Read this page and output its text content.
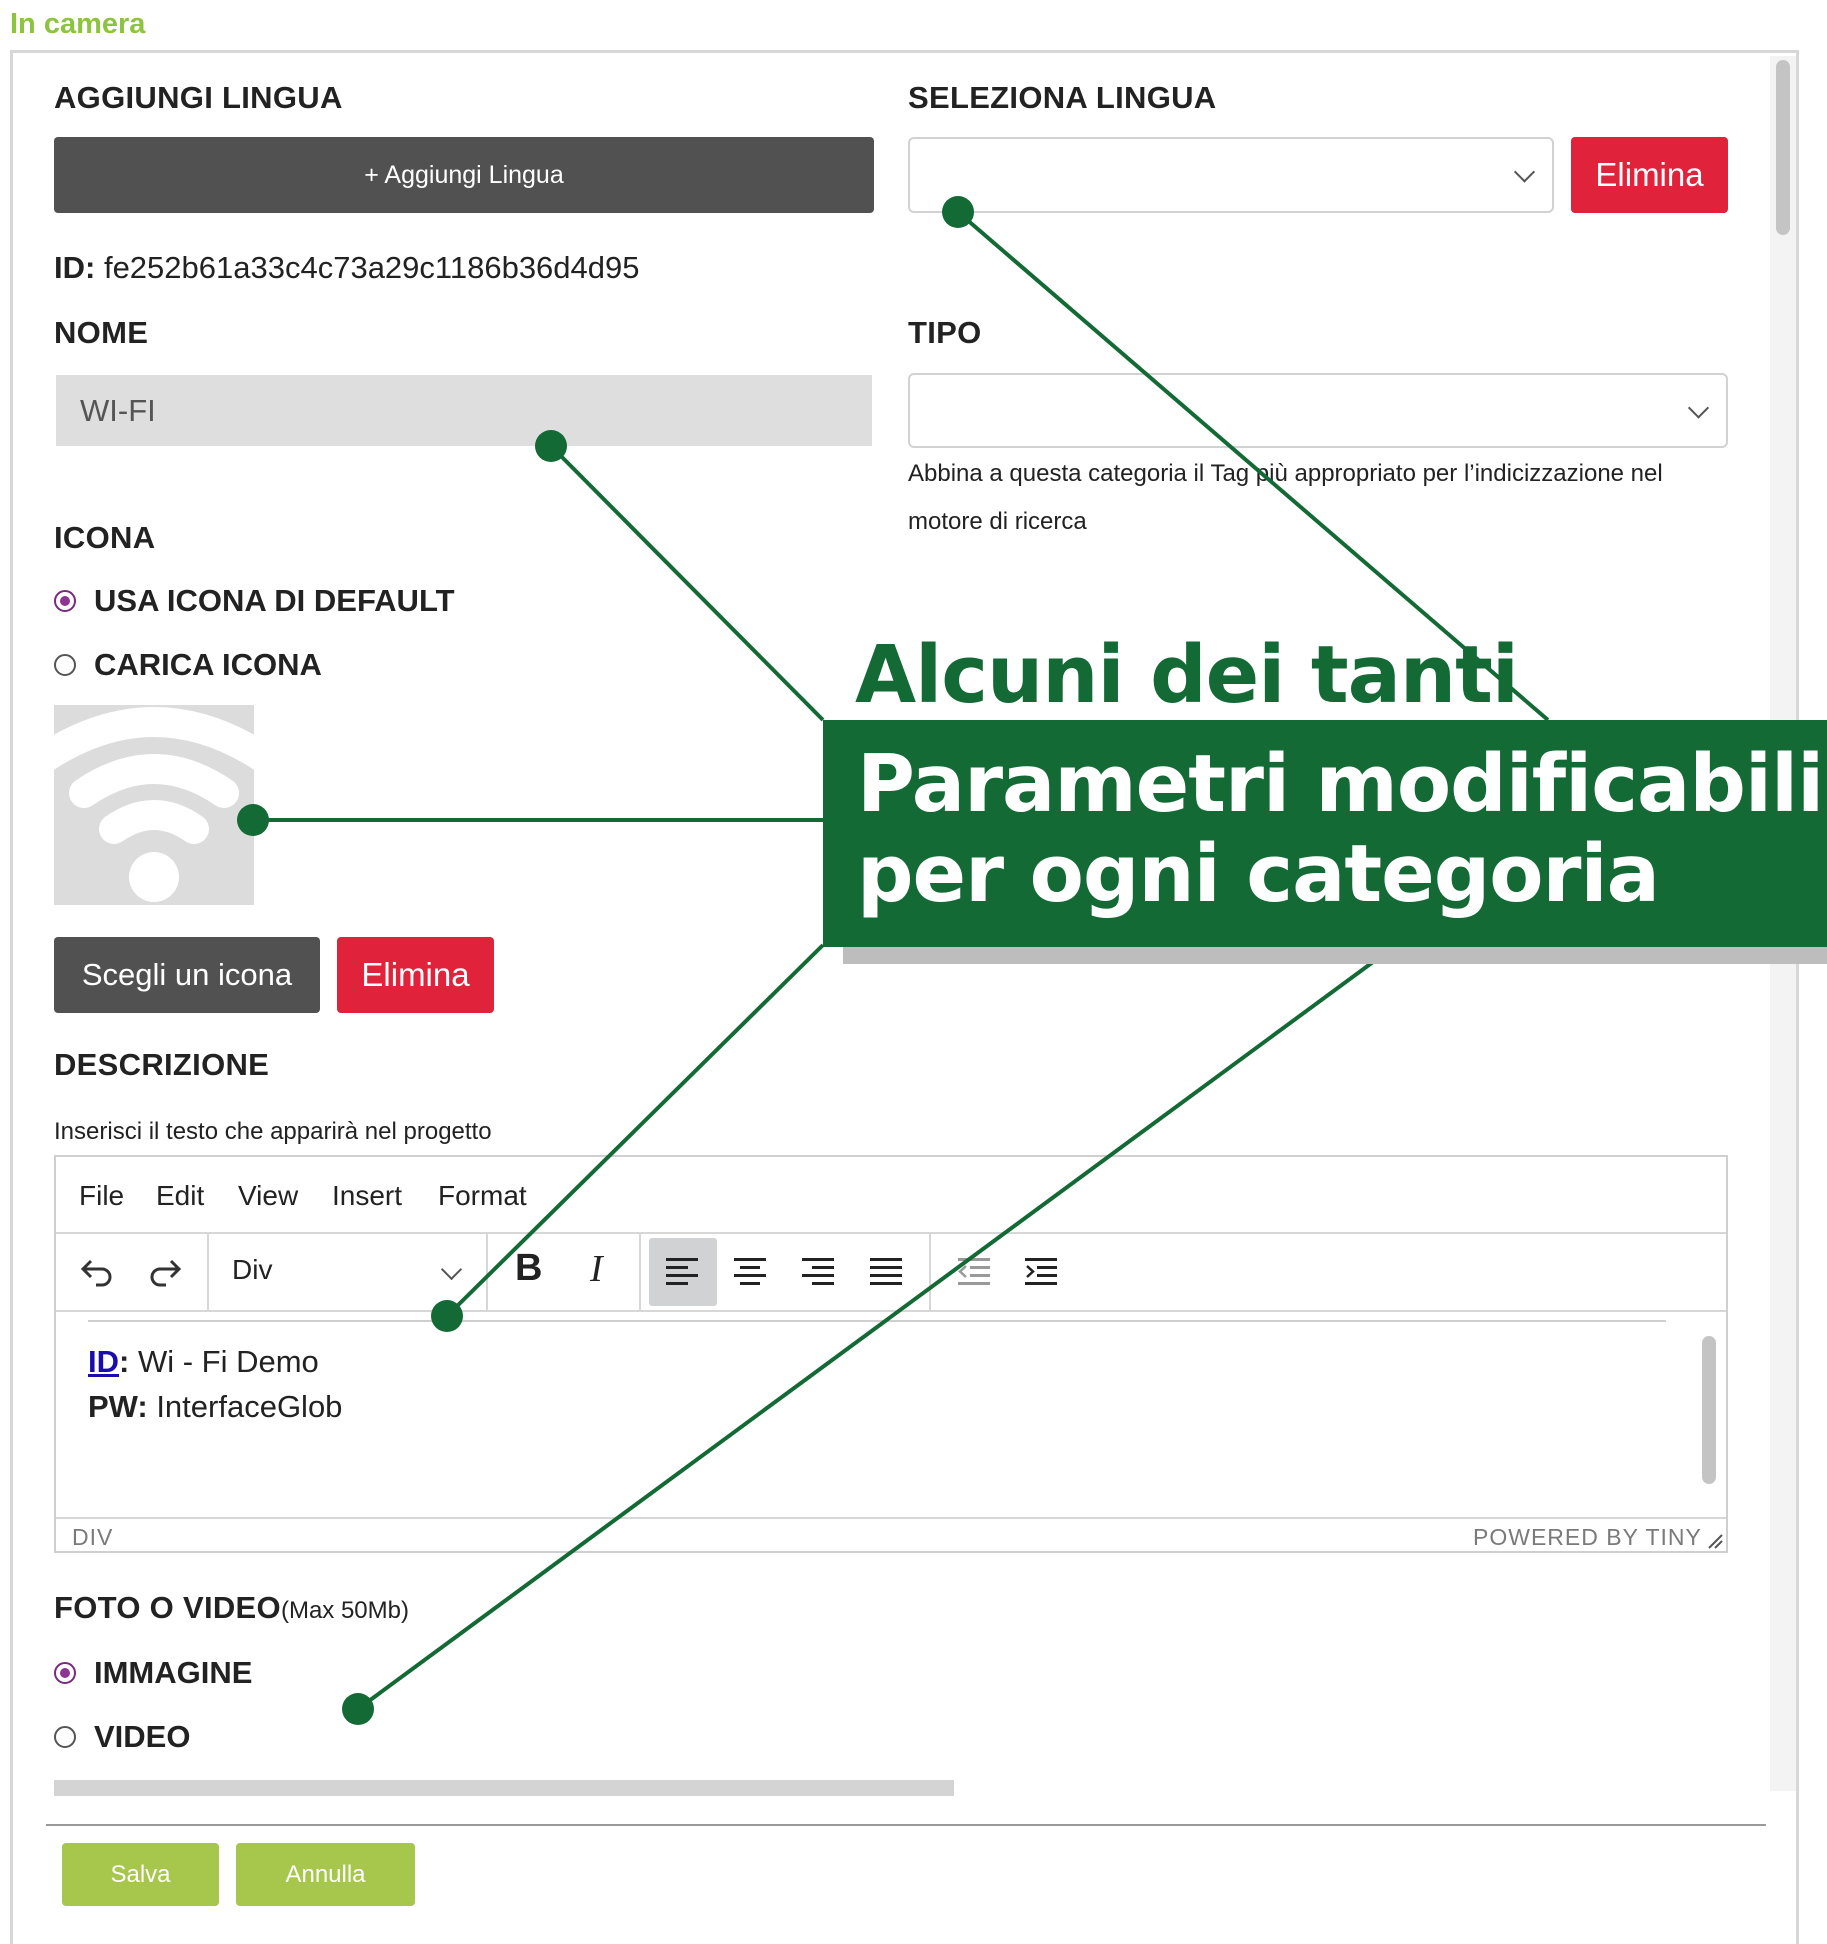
In camera
AGGIUNGI LINGUA
+ Aggiungi Lingua
SELEZIONA LINGUA
Elimina
ID: fe252b61a33c4c73a29c1186b36d4d95
NOME
WI-FI
TIPO
Abbina a questa categoria il Tag più appropriato per l’indicizzazione nel
motore di ricerca
ICONA
USA ICONA DI DEFAULT
CARICA ICONA
Scegli un icona	Elimina
DESCRIZIONE
Inserisci il testo che apparirà nel progetto
File Edit View Insert Format
Div	B I
ID: Wi - Fi Demo
PW: InterfaceGlob
DIV	POWERED BY TINY
FOTO O VIDEO(Max 50Mb)
IMMAGINE
VIDEO
Salva	Annulla
Alcuni dei tanti
Parametri modificabili
per ogni categoria
